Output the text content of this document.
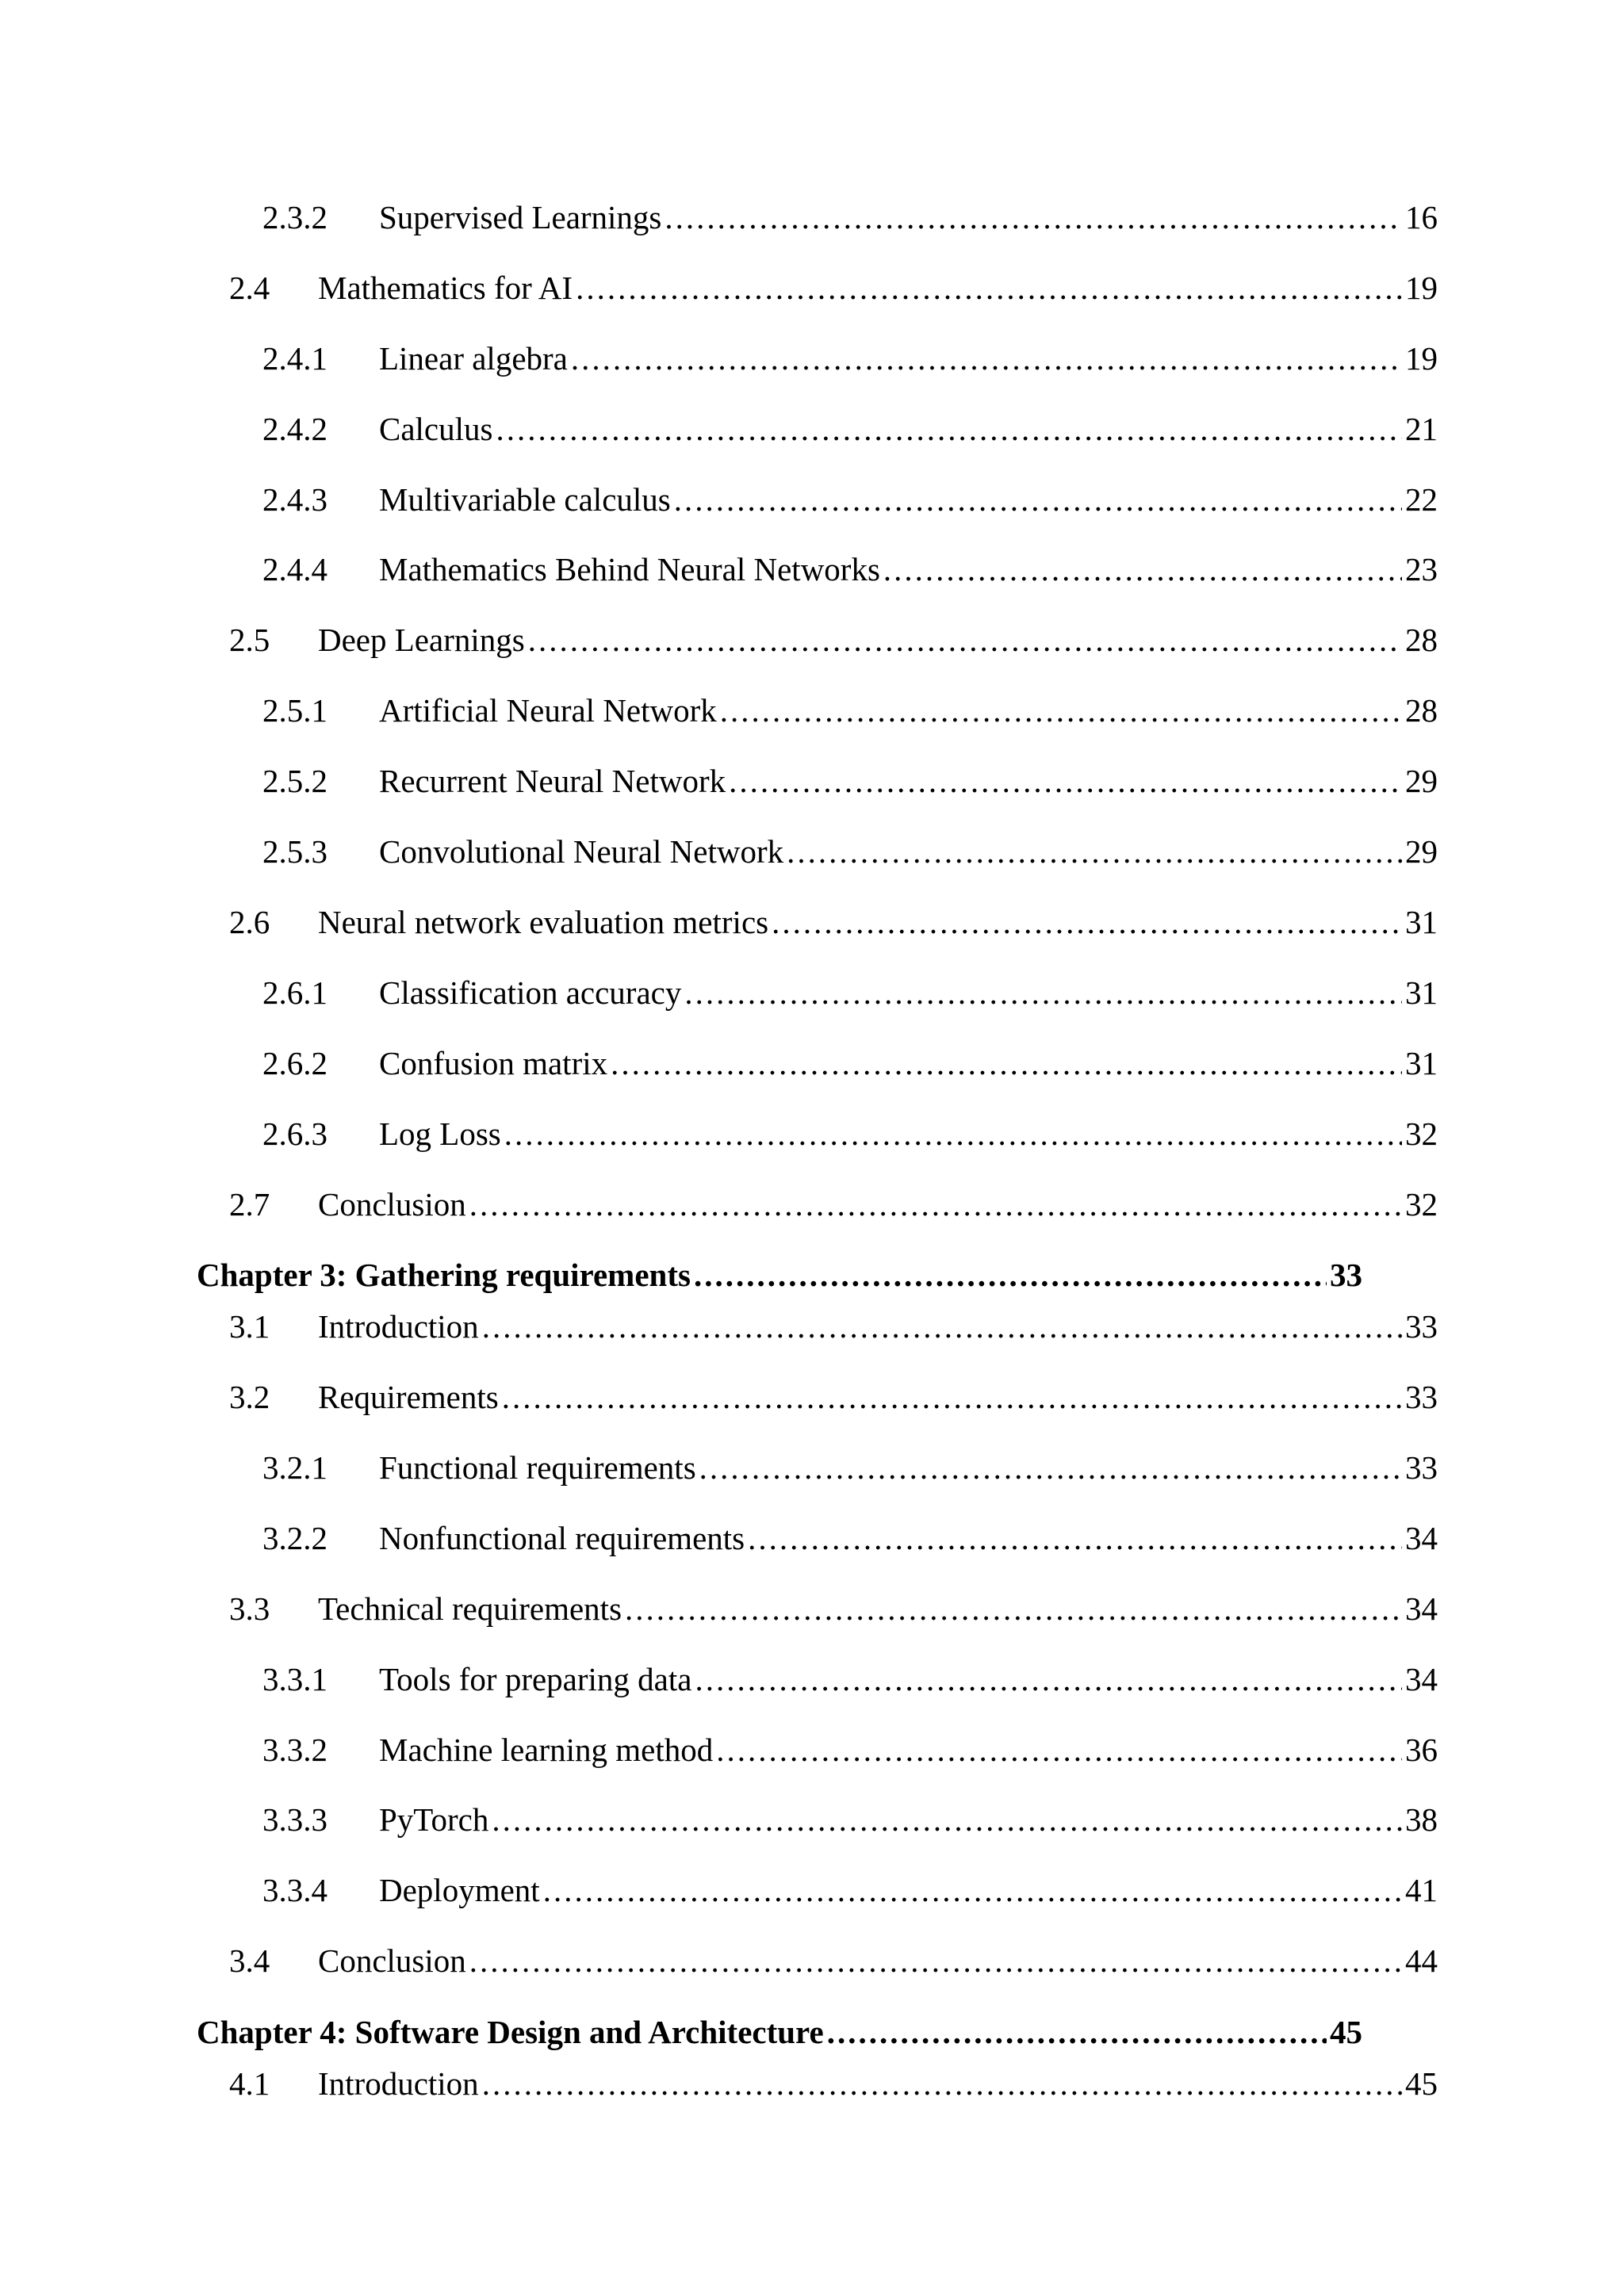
2.3.2	Supervised Learnings .....	16
2.4	Mathematics for AI .....	19
2.4.1	Linear algebra .....	19
2.4.2	Calculus .....	21
2.4.3	Multivariable calculus .....	22
2.4.4	Mathematics Behind Neural Networks .....	23
2.5	Deep Learnings .....	28
2.5.1	Artificial Neural Network .....	28
2.5.2	Recurrent Neural Network .....	29
2.5.3	Convolutional Neural Network .....	29
2.6	Neural network evaluation metrics .....	31
2.6.1	Classification accuracy .....	31
2.6.2	Confusion matrix .....	31
2.6.3	Log Loss .....	32
2.7	Conclusion .....	32
Chapter 3: Gathering requirements .....	33
3.1	Introduction .....	33
3.2	Requirements .....	33
3.2.1	Functional requirements .....	33
3.2.2	Nonfunctional requirements .....	34
3.3	Technical requirements .....	34
3.3.1	Tools for preparing data .....	34
3.3.2	Machine learning method .....	36
3.3.3	PyTorch .....	38
3.3.4	Deployment .....	41
3.4	Conclusion .....	44
Chapter 4: Software Design and Architecture .....	45
4.1	Introduction .....	45
